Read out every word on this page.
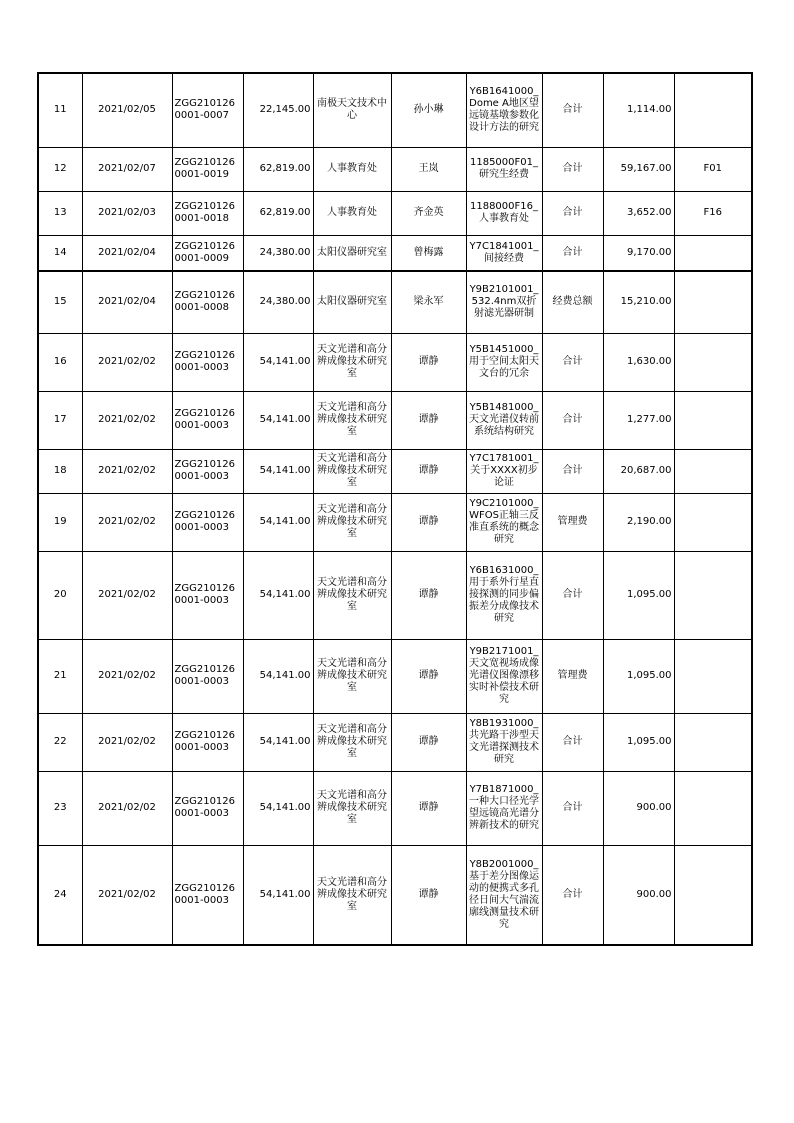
11	2021/02/05	ZGG2101260001-0007	22,145.00	南极天文技术中心	孙小琳	Y6B1641000_Dome A地区望远镜基墩参数化设计方法的研究	合计	1,114.00	
12	2021/02/07	ZGG2101260001-0019	62,819.00	人事教育处	王岚	1185000F01_研究生经费	合计	59,167.00	F01
13	2021/02/03	ZGG2101260001-0018	62,819.00	人事教育处	齐金英	1188000F16_人事教育处	合计	3,652.00	F16
14	2021/02/04	ZGG2101260001-0009	24,380.00	太阳仪器研究室	曾梅露	Y7C1841001_间接经费	合计	9,170.00	
15	2021/02/04	ZGG2101260001-0008	24,380.00	太阳仪器研究室	梁永军	Y9B2101001_532.4nm双折射滤光器研制	经费总额	15,210.00	
16	2021/02/02	ZGG2101260001-0003	54,141.00	天文光谱和高分辨成像技术研究室	谭静	Y5B1451000_用于空间太阳天文台的冗余	合计	1,630.00	
17	2021/02/02	ZGG2101260001-0003	54,141.00	天文光谱和高分辨成像技术研究室	谭静	Y5B1481000_天文光谱仪转前系统结构研究	合计	1,277.00	
18	2021/02/02	ZGG2101260001-0003	54,141.00	天文光谱和高分辨成像技术研究室	谭静	Y7C1781001_关于XXXX初步论证	合计	20,687.00	
19	2021/02/02	ZGG2101260001-0003	54,141.00	天文光谱和高分辨成像技术研究室	谭静	Y9C2101000_WFOS正轴三反准直系统的概念研究	管理费	2,190.00	
20	2021/02/02	ZGG2101260001-0003	54,141.00	天文光谱和高分辨成像技术研究室	谭静	Y6B1631000_用于系外行星直接探测的同步偏振差分成像技术研究	合计	1,095.00	
21	2021/02/02	ZGG2101260001-0003	54,141.00	天文光谱和高分辨成像技术研究室	谭静	Y9B2171001_天文宽视场成像光谱仪图像漂移实时补偿技术研究	管理费	1,095.00	
22	2021/02/02	ZGG2101260001-0003	54,141.00	天文光谱和高分辨成像技术研究室	谭静	Y8B1931000_共光路干涉型天文光谱探测技术研究	合计	1,095.00	
23	2021/02/02	ZGG2101260001-0003	54,141.00	天文光谱和高分辨成像技术研究室	谭静	Y7B1871000_一种大口径光学望远镜高光谱分辨新技术的研究	合计	900.00	
24	2021/02/02	ZGG2101260001-0003	54,141.00	天文光谱和高分辨成像技术研究室	谭静	Y8B2001000_基于差分图像运动的便携式多孔径日间大气湍流廓线测量技术研究	合计	900.00	
